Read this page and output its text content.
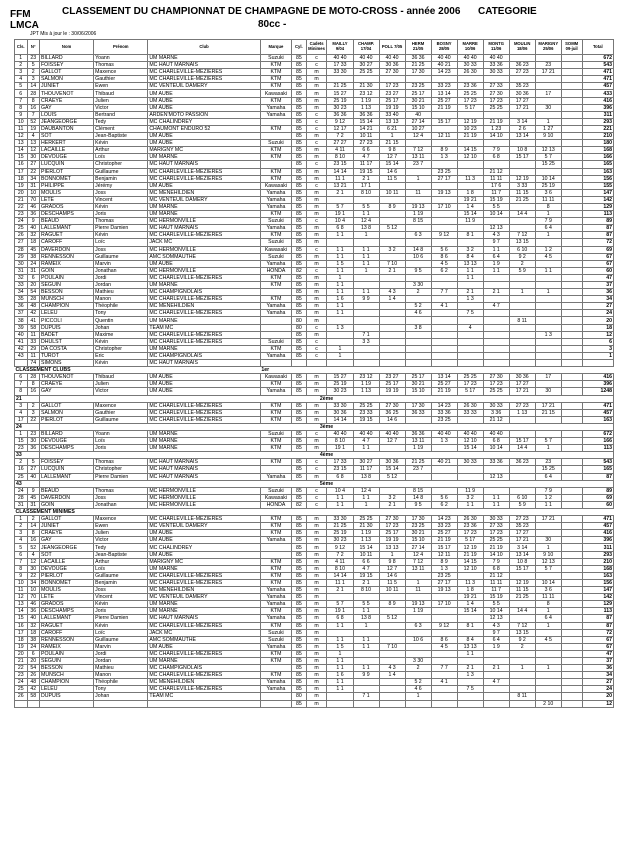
FFM
LMCA
CLASSEMENT DU CHAMPIONNAT DE CHAMPAGNE DE MOTO-CROSS - année 2006 CATEGORIE
80cc -
JPT Mis à jour le : 30/06/2006
Cls.	N°	Nom	Prénom	Club	Marque	Cyl.	Cadets Minimes	MAILLY 9/04	CHAMP. 17/04	POLL 7/05	HERM 21/05	BOSNY 28/05	MARRE 10/06	MONTG 11/06	MOULIN 18/06	MARIGNY 25/06	SOMM 09-juil	Total
1	23	BILLARD	Yoann	UM MARNE	Suzuki	85	c	40 40	40 40	40 40	36 36	40 40	40 40	40 40				672
2	5	FOISSEY	Thomas	MC HAUT MARNAIS	KTM	85	c	17 33	30 27	30 36	21 25	40 21	30 33	33 36	36 23	23		543
3	2	GALLOT	Maxence	MC CHARLEVILLE-MEZIERES	KTM	85	m	33 30	25 25	27 30	17 30	14 23	26 30	30 33	27 23	17 21		471
4	3	SALMON	Gauthier	MC CHARLEVILLE-MEZIERES	KTM	85	m											471
5	14	JUNIET	Ewen	MC VENTEUIL DAMERY	KTM	85	m	21 25	21 30	17 23	23 25	33 23	23 36	27 33	35 23			457
6	28	THOUVENOT	Thibaud	UM AUBE	Kawasaki	85	m	15 27	23 12	23 27	25 17	13 14	25 25	27 30	30 36	17		433
7	8	CRAEYE	Julien	UM AUBE	KTM	85	m	25 19	1 19	25 17	30 21	25 27	17 23	17 23	17 27			416
8	16	GAY	Victor	UM AUBE	Yamaha	85	m	30 23	1 13	19 19	15 10	21 19	5 17	25 25	17 21	30		396
9	7	LOUIS	Bertrand	ARDEN'MOTO PASSION	Yamaha	85	c	36 36	36 36	33 40	40							311
10	52	JEANGEORGE	Tedy	MC CHALINDREY		85	c	9 12	15 14	13 13	27 14	15 17	12 19	21 19	3 14	1		293
11	19	DAUBANTON	Clément	CHAUMONT ENDURO 52	KTM	85	c	12 17	14 21	6 21	10 27		10 23	1 23	2 6	1 27		221
12	4	SOT	Jean-Baptiste	UM AUBE		85	m	7 2	10 11	1	12 4	12 11	21 19	14 10	13 14	9 10		210
13	13	HERKERT	Kévin	UM AUBE	Suzuki	85	c	27 27	27 23	21 15								180
14	12	LACAILLE	Arthur	MARIGNY MC	KTM	85	m	4 11	6 6	9 8	7 12	8 9	14 15	7 9	10 8	12 13		168
15	30	DEVOUGE	Loïs	UM MARNE	KTM	85	m	8 10	4 7	12 7	13 11	1 3	12 10	6 8	15 17	5 7		166
16	27	LUCQUIN	Christopher	MC HAUT MARNAIS		85	c	23 15	11 17	15 14	23 7					15 25		165
17	22	PIERLOT	Guillaume	MC CHARLEVILLE-MEZIERES	KTM	85	m	14 14	19 15	14 6		23 25		21 12				163
18	34	BONNOMET	Benjamin	MC CHARLEVILLE-MEZIERES	KTM	85	m	11 1	2 1	11 5	1	27 17	11 3	11 11	12 19	10 14		156
19	31	PHILIPPE	Jérémy	UM AUBE	Kawasaki	85	c	13 21	17 1					17 6	3 33	25 19		155
20	10	MOULIS	Joss	MC MENEHILDIEN	Yamaha	85	m	2 1	8 10	10 11	11	19 13	1 8	11 7	11 15	3 6		147
21	70	LETE	Vincent	MC VENTEUIL DAMERY	Yamaha	85	m						19 21	15 19	21 25	11 11		142
22	46	GRADOS	Kévin	UM MARNE	Yamaha	85	m	5 7	5 5	8 9	19 13	17 10	1 4	5 5		8		129
23	36	DESCHAMPS	Joris	UM MARNE	KTM	85	m	19 1	1 1		1 19		15 14	10 14	14 4	1		113
24	9	BEAUD	Thomas	MC HERMONVILLE	Suzuki	85	c	10 4	12 4		8 15		11 9			7 9		89
25	40	LALLEMANT	Pierre Damien	MC HAUT MARNAIS	Yamaha	85	m	6 8	13 8	5 12				12 13		6 4		87
26	32	RAGUET	Kévin	MC CHARLEVILLE-MEZIERES	KTM	85	m	1 1	1		6 3	9 12	8 1	4 3	7 12	1		87
27	18	CAROFF	Loïc	JACK MC	Suzuki	85	m							9 7	13 15			72
28	45	DAVERDON	Joss	MC HERMONVILLE	Kawasaki	85	c	1 1	1 1	3 2	14 8	5 6	3 2	1 1	6 10	1 2		69
29	38	RENNESSON	Guillaume	AMC SOMMAUTHE	Suzuki	85	m	1 1	1 1		10 6	8 6	8 4	6 4	9 2	4 5		67
30	24	RAMEIX	Marvin	UM AUBE	Yamaha	85	m	1 5	1 1	7 10		4 5	13 13	1 9	2			67
31	31	GOIN	Jonathan	MC HERMONVILLE	HONDA	82	c	1 1	1	2 1	9 5	6 2	1 1	1 1	5 9	1 1		60
32	6	POULAIN	Jordi	MC CHARLEVILLE-MEZIERES	KTM	85	m	1					1 1					47
33	20	SEGUIN	Jordan	UM MARNE	KTM	85	m	1 1			3 30							37
34	54	BESSON	Mathieu	MC CHAMPIGNOLAIS		85	m	1 1	1 1	4 3	2	7 7	2 1	2 1	1	1		36
35	28	MUNSCH	Manon	MC CHARLEVILLE-MEZIERES	KTM	85	m	1 6	9 9	1 4			1 3					34
36	48	CHAMPION	Théophile	MC MENEHILDIEN	Yamaha	85	m	1 1			5 2	4 1		4 7				27
37	42	LELEU	Tony	MC CHARLEVILLE-MEZIERES	Yamaha	85	m	1 1			4 6		7 5					24
38	41	PICCOLI	Quentin	UM MARNE		80	m								8 11			20
39	58	DUPUIS	Johan	TEAM MC		80	c	1 3			3 8		4					18
40	11	BADET	Maxime	MC CHARLEVILLE-MEZIERES		85	m		7 1							1 3		12
41	33	DHULST	Kévin	MC CHARLEVILLE-MEZIERES	Suzuki	85	c		3 3									6
42	29	DA COSTA	Christopher	UM MARNE	KTM	85	c	1										3
43	11	TUROT	Eric	MC CHAMPIGNOLAIS	Yamaha	85	c	1										1
	74	SIMONS	Kévin	MC HAUT MARNAIS														
CLASSEMENT CLUBS					1er													
6	28	THOUVENOT	Thibaud	UM AUBE	Kawasaki	85	m	15 27	23 12	23 27	25 17	13 14	25 25	27 30	30 36	17		416
7	8	CRAEYE	Julien	UM AUBE	KTM	85	m	25 19	1 19	25 17	30 21	25 27	17 23	17 23	17 27			396
8	16	GAY	Victor	UM AUBE	Yamaha	85	m	30 23	1 13	19 19	15 10	21 19	5 17	25 25	17 21	30		1248
21		2ème																
3	2	GALLOT	Maxence	MC CHARLEVILLE-MEZIERES	KTM	85	m	33 30	25 25	27 30	17 30	14 23	26 30	30 33	27 23	17 21		471
4	3	SALMON	Gauthier	MC CHARLEVILLE-MEZIERES	KTM	85	m	30 36	23 33	36 25	36 33	33 36	33 33	3 36	1 13	21 15		457
17	22	PIERLOT	Guillaume	MC CHARLEVILLE-MEZIERES	KTM	85	m	14 14	19 15	14 6		23 25		21 12				163
24		3ème																
1	23	BILLARD	Yoann	UM MARNE	Suzuki	85	c	40 40	40 40	40 40	36 36	40 40	40 40	40 40				672
15	30	DEVOUGE	Loïs	UM MARNE	KTM	85	m	8 10	4 7	12 7	13 11	1 3	12 10	6 8	15 17	5 7		166
23	36	DESCHAMPS	Joris	UM MARNE	KTM	85	m	19 1	1 1		1 19		15 14	10 14	14 4	1		113
33		4ème																
2	5	FOISSEY	Thomas	MC HAUT MARNAIS	KTM	85	c	17 33	30 27	30 36	21 25	40 21	30 33	33 36	36 23	23		543
16	27	LUCQUIN	Christopher	MC HAUT MARNAIS		85	c	23 15	11 17	15 14	23 7					15 25		165
25	40	LALLEMANT	Pierre Damien	MC HAUT MARNAIS	Yamaha	85	m	6 8	13 8	5 12				12 13		6 4		87
43		5ème																
24	9	BEAUD	Thomas	MC HERMONVILLE	Suzuki	85	c	10 4	12 4		8 15		11 9			7 9		89
28	45	DAVERDON	Joss	MC HERMONVILLE	Kawasaki	85	c	1 1	1 1	3 2	14 8	5 6	3 2	1 1	6 10	1 2		69
31	31	GOIN	Jonathan	MC HERMONVILLE	HONDA	82	c	1 1	1	2 1	9 5	6 2	1 1	1 1	5 9	1 1		60
CLASSEMENT MINIMES																		
1	2	GALLOT	Maxence	MC CHARLEVILLE-MEZIERES	KTM	85	m	33 30	25 25	27 30	17 30	14 23	26 30	30 33	27 23	17 21		471
2	14	JUNIET	Ewen	MC VENTEUIL DAMERY	KTM	85	m	21 25	21 30	17 23	23 25	33 23	23 36	27 33	35 23			457
3	8	CRAEYE	Julien	UM AUBE	KTM	85	m	25 19	1 19	25 17	30 21	25 27	17 23	17 23	17 27			416
4	16	GAY	Victor	UM AUBE	Yamaha	85	m	30 23	1 13	19 19	15 10	21 19	5 17	25 25	17 21	30		396
5	52	JEANGEORGE	Tedy	MC CHALINDREY		85	m	9 12	15 14	13 13	27 14	15 17	12 19	21 19	3 14	1		311
6	4	SOT	Jean-Baptiste	UM AUBE		85	m	7 2	10 11	1	12 4	12 11	21 19	14 10	13 14	9 10		293
7	12	LACAILLE	Arthur	MARIGNY MC	KTM	85	m	4 11	6 6	9 8	7 12	8 9	14 15	7 9	10 8	12 13		210
8	30	DEVOUGE	Loïs	UM MARNE	KTM	85	m	8 10	4 7	12 7	13 11	1 3	12 10	6 8	15 17	5 7		168
9	22	PIERLOT	Guillaume	MC CHARLEVILLE-MEZIERES	KTM	85	m	14 14	19 15	14 6		23 25		21 12				163
10	34	BONNOMET	Benjamin	MC CHARLEVILLE-MEZIERES	KTM	85	m	11 1	2 1	11 5	1	27 17	11 3	11 11	12 19	10 14		156
11	10	MOULIS	Joss	MC MENEHILDIEN	Yamaha	85	m	2 1	8 10	10 11	11	19 13	1 8	11 7	11 15	3 6		147
12	70	LETE	Vincent	MC VENTEUIL DAMERY	Yamaha	85	m						19 21	15 19	21 25	11 11		142
13	46	GRADOS	Kévin	UM MARNE	Yamaha	85	m	5 7	5 5	8 9	19 13	17 10	1 4	5 5		8		129
14	36	DESCHAMPS	Joris	UM MARNE	KTM	85	m	19 1	1 1		1 19		15 14	10 14	14 4	1		113
15	40	LALLEMANT	Pierre Damien	MC HAUT MARNAIS	Yamaha	85	m	6 8	13 8	5 12				12 13		6 4		87
16	32	RAGUET	Kévin	MC CHARLEVILLE-MEZIERES	KTM	85	m	1 1	1		6 3	9 12	8 1	4 3	7 12	1		87
17	18	CAROFF	Loïc	JACK MC	Suzuki	85	m							9 7	13 15			72
18	38	RENNESSON	Guillaume	AMC SOMMAUTHE	Suzuki	85	m	1 1	1 1		10 6	8 6	8 4	6 4	9 2	4 5		67
19	24	RAMEIX	Marvin	UM AUBE	Yamaha	85	m	1 5	1 1	7 10		4 5	13 13	1 9	2			67
20	6	POULAIN	Jordi	MC CHARLEVILLE-MEZIERES	KTM	85	m	1					1 1					47
21	20	SEGUIN	Jordan	UM MARNE	KTM	85	m	1 1			3 30							37
22	54	BESSON	Mathieu	MC CHAMPIGNOLAIS		85	m	1 1	1 1	4 3	2	7 7	2 1	2 1	1	1		36
23	26	MUNSCH	Manon	MC CHARLEVILLE-MEZIERES	KTM	85	m	1 6	9 9	1 4			1 3					34
24	48	CHAMPION	Théophile	MC MENEHILDIEN	Yamaha	85	m	1 1			5 2	4 1		4 7				27
25	42	LELEU	Tony	MC CHARLEVILLE-MEZIERES	Yamaha	85	m	1 1			4 6		7 5					24
26	58	DUPUIS	Johan	TEAM MC		80	m		7 1		1				8 11			20
						85	m									2 10		12
